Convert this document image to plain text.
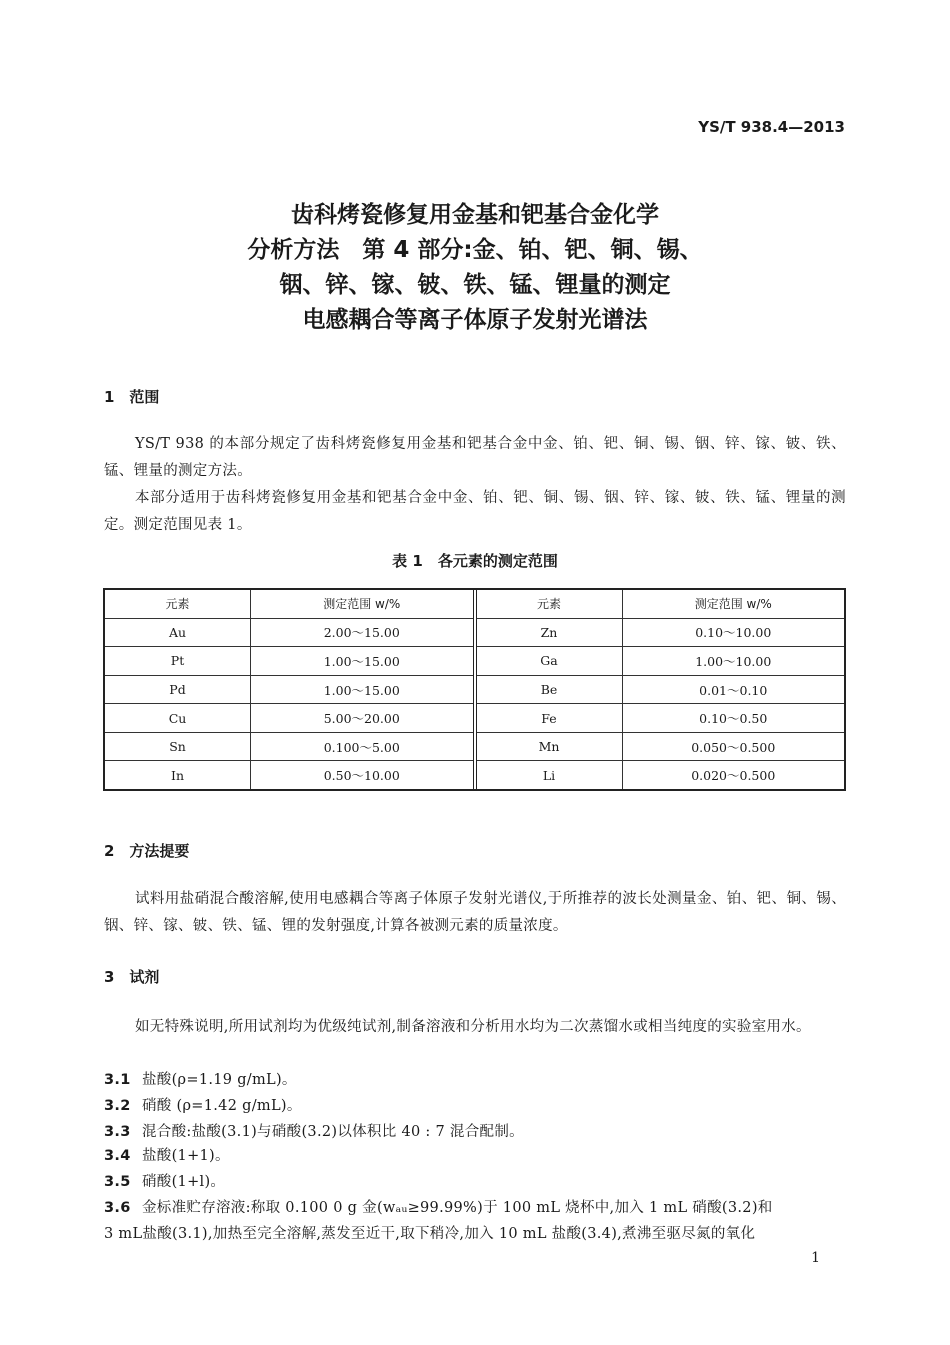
YS/T 938.4—2013
齿科烤瓷修复用金基和钯基合金化学
分析方法　第 4 部分:金、铂、钯、铜、锡、
铟、锌、镓、铍、铁、锰、锂量的测定
电感耦合等离子体原子发射光谱法
1　范围
YS/T 938 的本部分规定了齿科烤瓷修复用金基和钯基合金中金、铂、钯、铜、锡、铟、锌、镓、铍、铁、锰、锂量的测定方法。
本部分适用于齿科烤瓷修复用金基和钯基合金中金、铂、钯、铜、锡、铟、锌、镓、铍、铁、锰、锂量的测定。测定范围见表 1。
表 1　各元素的测定范围
元素	测定范围 w/%
Au	2.00～15.00
Pt	1.00～15.00
Pd	1.00～15.00
Cu	5.00～20.00
Sn	0.100～5.00
In	0.50～10.00
元素	测定范围 w/%
Zn	0.10～10.00
Ga	1.00～10.00
Be	0.01～0.10
Fe	0.10～0.50
Mn	0.050～0.500
Li	0.020～0.500
2　方法提要
试料用盐硝混合酸溶解,使用电感耦合等离子体原子发射光谱仪,于所推荐的波长处测量金、铂、钯、铜、锡、铟、锌、镓、铍、铁、锰、锂的发射强度,计算各被测元素的质量浓度。
3　试剂
如无特殊说明,所用试剂均为优级纯试剂,制备溶液和分析用水均为二次蒸馏水或相当纯度的实验室用水。
3.1 盐酸(ρ=1.19 g/mL)。
3.2 硝酸 (ρ=1.42 g/mL)。
3.3 混合酸:盐酸(3.1)与硝酸(3.2)以体积比 40 : 7 混合配制。
3.4 盐酸(1+1)。
3.5 硝酸(1+l)。
3.6 金标准贮存溶液:称取 0.100 0 g 金(wₐᵤ≥99.99%)于 100 mL 烧杯中,加入 1 mL 硝酸(3.2)和
3 mL盐酸(3.1),加热至完全溶解,蒸发至近干,取下稍冷,加入 10 mL 盐酸(3.4),煮沸至驱尽氮的氧化
1
